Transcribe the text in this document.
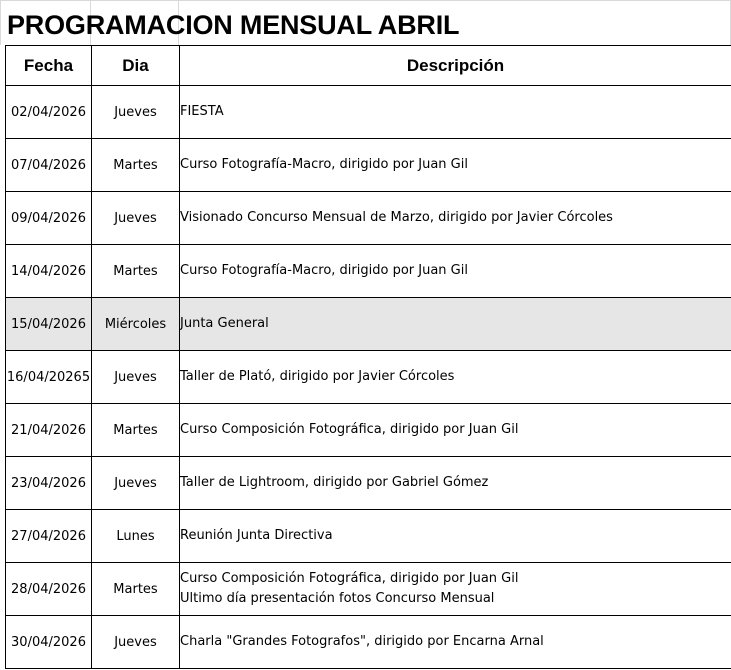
PROGRAMACION MENSUAL ABRIL
Fecha	Dia	Descripción
02/04/2026	Jueves	FIESTA

07/04/2026	Martes	Curso Fotografía-Macro, dirigido por Juan Gil

09/04/2026	Jueves	Visionado Concurso Mensual de Marzo, dirigido por Javier Córcoles

14/04/2026	Martes	Curso Fotografía-Macro, dirigido por Juan Gil

15/04/2026	Miércoles	Junta General

16/04/20265	Jueves	Taller de Plató, dirigido por Javier Córcoles

21/04/2026	Martes	Curso Composición Fotográfica, dirigido por Juan Gil

23/04/2026	Jueves	Taller de Lightroom, dirigido por Gabriel Gómez

27/04/2026	Lunes	Reunión Junta Directiva

28/04/2026	Martes	Curso Composición Fotográfica, dirigido por Juan Gil
Ultimo día presentación fotos Concurso Mensual

30/04/2026	Jueves	Charla "Grandes Fotografos", dirigido por Encarna Arnal
